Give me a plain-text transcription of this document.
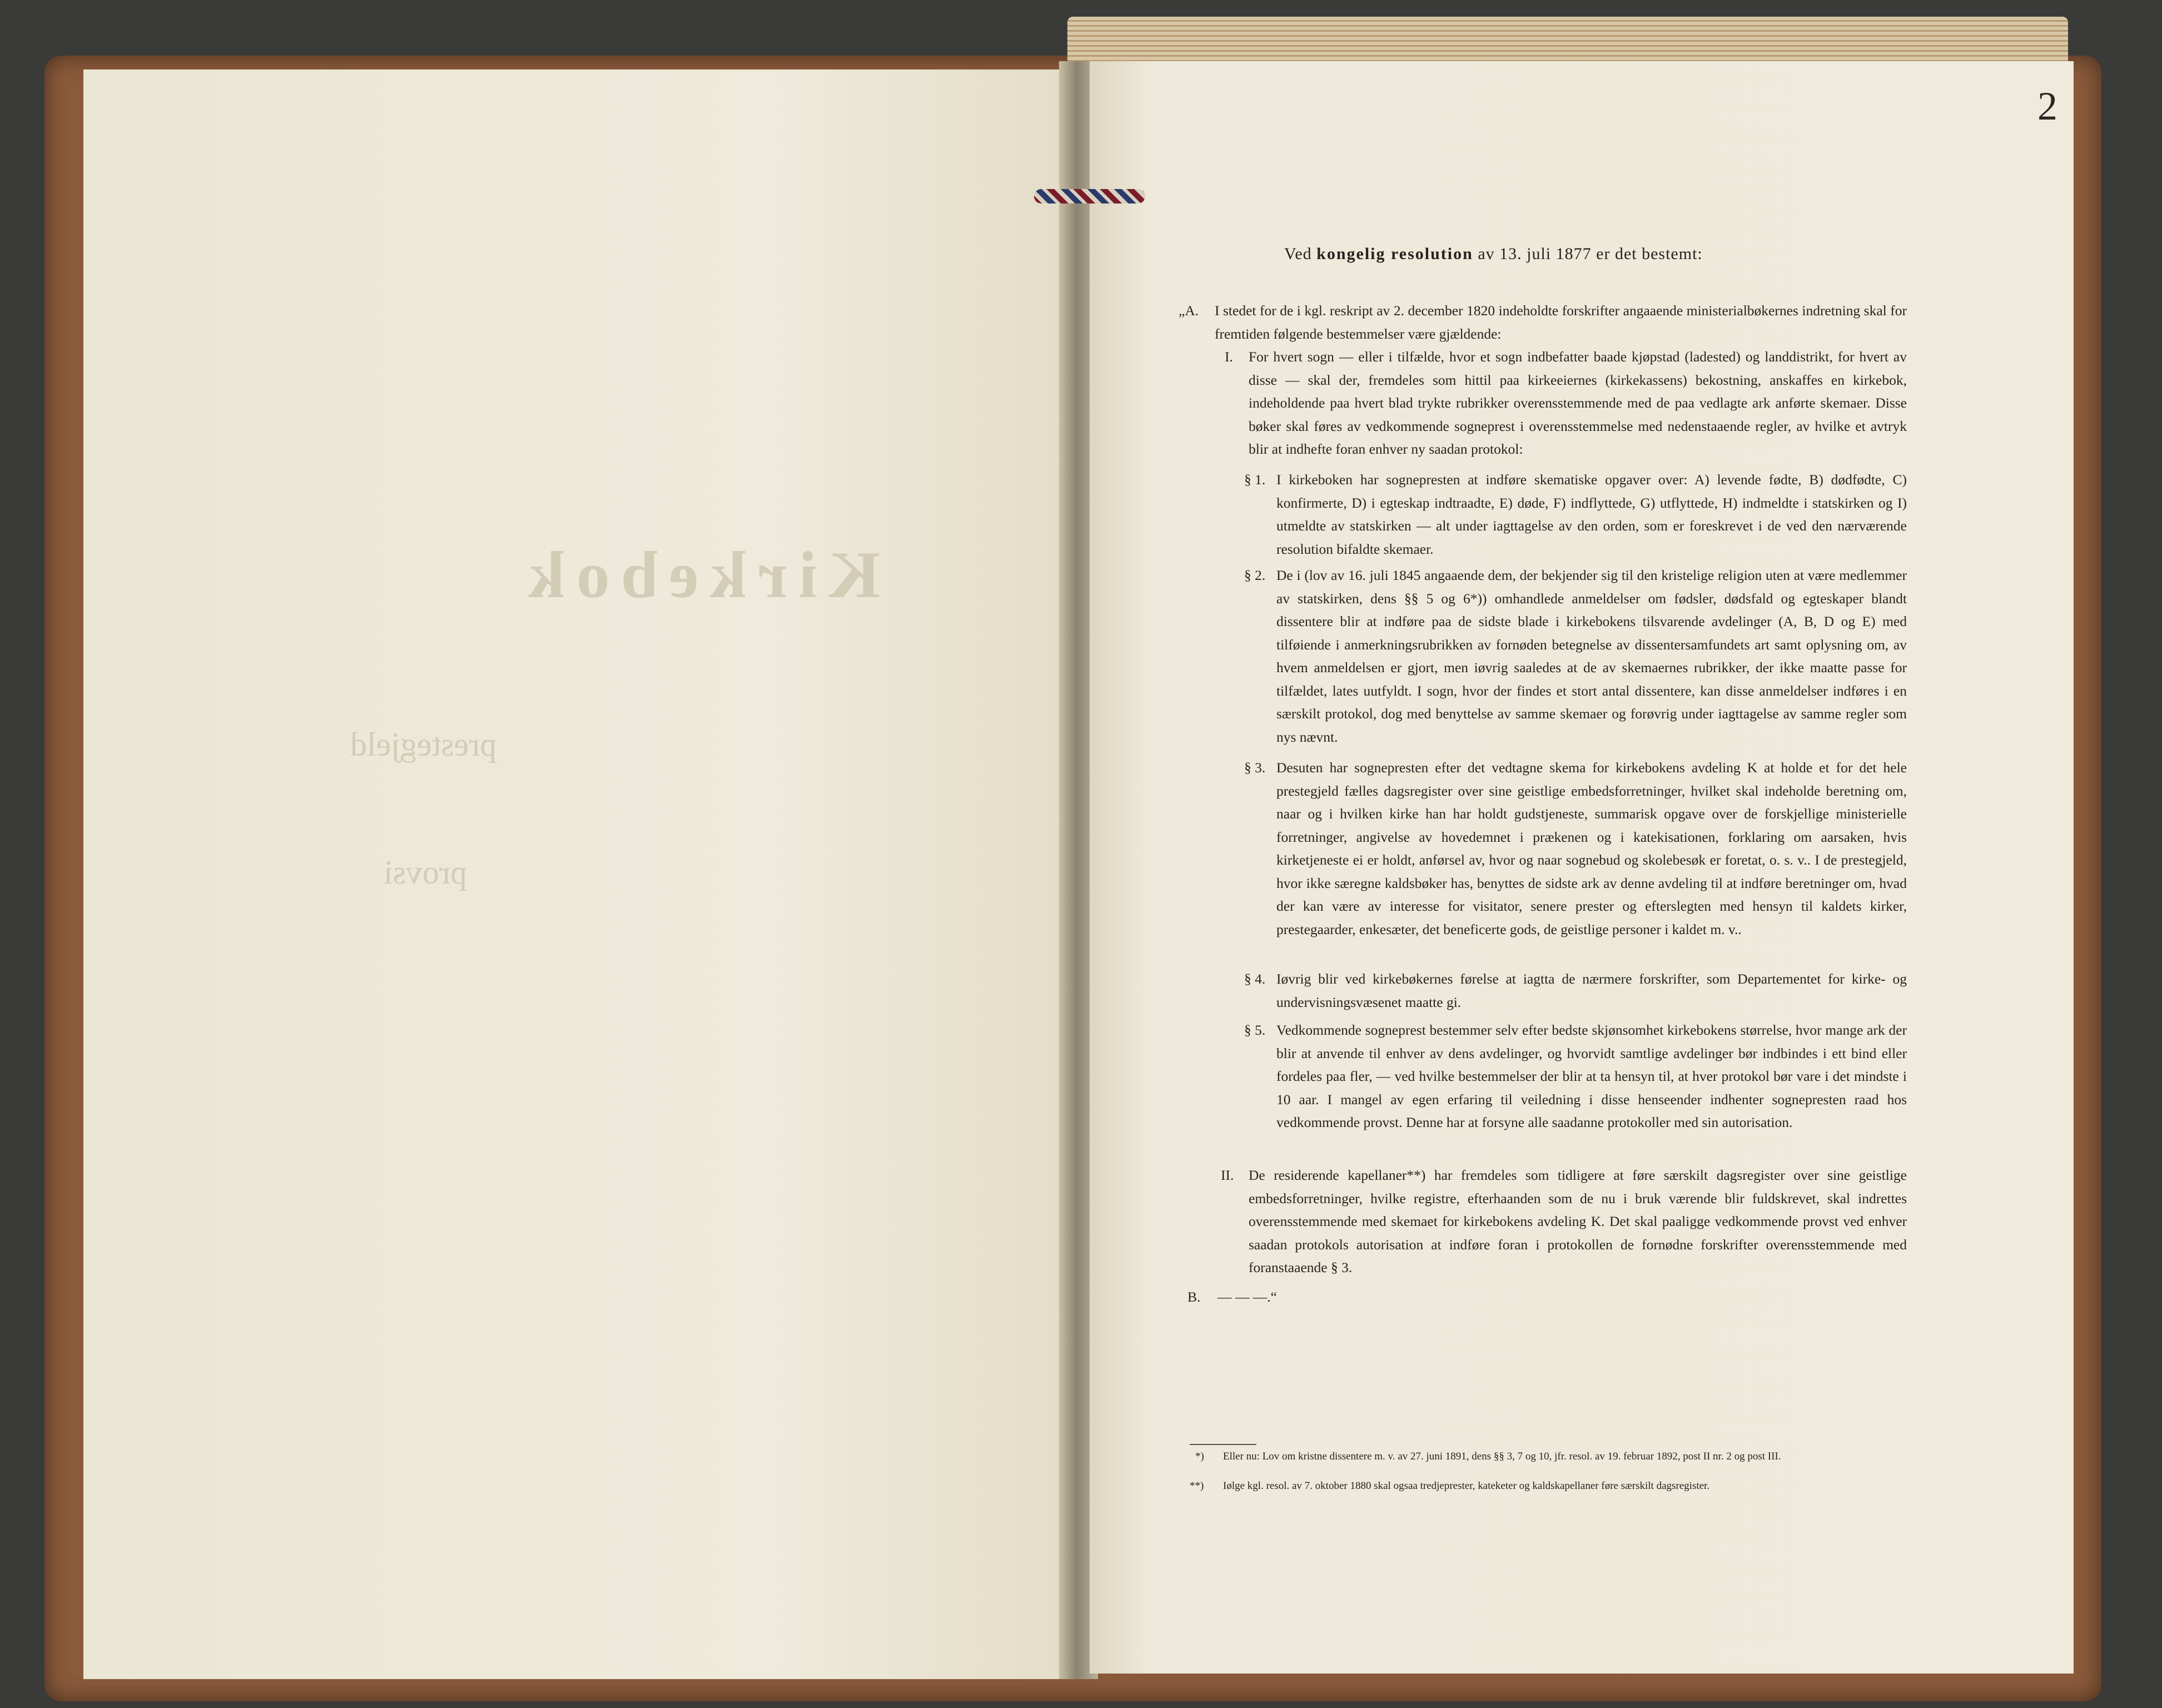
Kirkebok
prestegjeld
provsi
2
Ved kongelig resolution av 13. juli 1877 er det bestemt:
„A. I stedet for de i kgl. reskript av 2. december 1820 indeholdte forskrifter angaaende ministerialbøkernes indretning skal for fremtiden følgende bestemmelser være gjældende:
I. For hvert sogn — eller i tilfælde, hvor et sogn indbefatter baade kjøpstad (ladested) og landdistrikt, for hvert av disse — skal der, fremdeles som hittil paa kirkeeiernes (kirkekassens) bekostning, anskaffes en kirkebok, indeholdende paa hvert blad trykte rubrikker overensstemmende med de paa vedlagte ark anførte skemaer. Disse bøker skal føres av vedkommende sogneprest i overensstemmelse med nedenstaaende regler, av hvilke et avtryk blir at indhefte foran enhver ny saadan protokol:
§ 1. I kirkeboken har sognepresten at indføre skematiske opgaver over: A) levende fødte, B) dødfødte, C) konfirmerte, D) i egteskap indtraadte, E) døde, F) indflyttede, G) utflyttede, H) indmeldte i statskirken og I) utmeldte av statskirken — alt under iagttagelse av den orden, som er foreskrevet i de ved den nærværende resolution bifaldte skemaer.
§ 2. De i (lov av 16. juli 1845 angaaende dem, der bekjender sig til den kristelige religion uten at være medlemmer av statskirken, dens §§ 5 og 6*)) omhandlede anmeldelser om fødsler, dødsfald og egteskaper blandt dissentere blir at indføre paa de sidste blade i kirkebokens tilsvarende avdelinger (A, B, D og E) med tilføiende i anmerkningsrubrikken av fornøden betegnelse av dissentersamfundets art samt oplysning om, av hvem anmeldelsen er gjort, men iøvrig saaledes at de av skemaernes rubrikker, der ikke maatte passe for tilfældet, lates uutfyldt. I sogn, hvor der findes et stort antal dissentere, kan disse anmeldelser indføres i en særskilt protokol, dog med benyttelse av samme skemaer og forøvrig under iagttagelse av samme regler som nys nævnt.
§ 3. Desuten har sognepresten efter det vedtagne skema for kirkebokens avdeling K at holde et for det hele prestegjeld fælles dagsregister over sine geistlige embedsforretninger, hvilket skal indeholde beretning om, naar og i hvilken kirke han har holdt gudstjeneste, summarisk opgave over de forskjellige ministerielle forretninger, angivelse av hovedemnet i prækenen og i katekisationen, forklaring om aarsaken, hvis kirketjeneste ei er holdt, anførsel av, hvor og naar sognebud og skolebesøk er foretat, o. s. v.. I de prestegjeld, hvor ikke særegne kaldsbøker has, benyttes de sidste ark av denne avdeling til at indføre beretninger om, hvad der kan være av interesse for visitator, senere prester og efterslegten med hensyn til kaldets kirker, prestegaarder, enkesæter, det beneficerte gods, de geistlige personer i kaldet m. v..
§ 4. Iøvrig blir ved kirkebøkernes førelse at iagtta de nærmere forskrifter, som Departementet for kirke- og undervisningsvæsenet maatte gi.
§ 5. Vedkommende sogneprest bestemmer selv efter bedste skjønsomhet kirkebokens størrelse, hvor mange ark der blir at anvende til enhver av dens avdelinger, og hvorvidt samtlige avdelinger bør indbindes i ett bind eller fordeles paa fler, — ved hvilke bestemmelser der blir at ta hensyn til, at hver protokol bør vare i det mindste i 10 aar. I mangel av egen erfaring til veiledning i disse henseender indhenter sognepresten raad hos vedkommende provst. Denne har at forsyne alle saadanne protokoller med sin autorisation.
II. De residerende kapellaner**) har fremdeles som tidligere at føre særskilt dagsregister over sine geistlige embedsforretninger, hvilke registre, efterhaanden som de nu i bruk værende blir fuldskrevet, skal indrettes overensstemmende med skemaet for kirkebokens avdeling K. Det skal paaligge vedkommende provst ved enhver saadan protokols autorisation at indføre foran i protokollen de fornødne forskrifter overensstemmende med foranstaaende § 3.
B. — — —.“
*) Eller nu: Lov om kristne dissentere m. v. av 27. juni 1891, dens §§ 3, 7 og 10, jfr. resol. av 19. februar 1892, post II nr. 2 og post III.
**) Iølge kgl. resol. av 7. oktober 1880 skal ogsaa tredjeprester, kateketer og kaldskapellaner føre særskilt dagsregister.
